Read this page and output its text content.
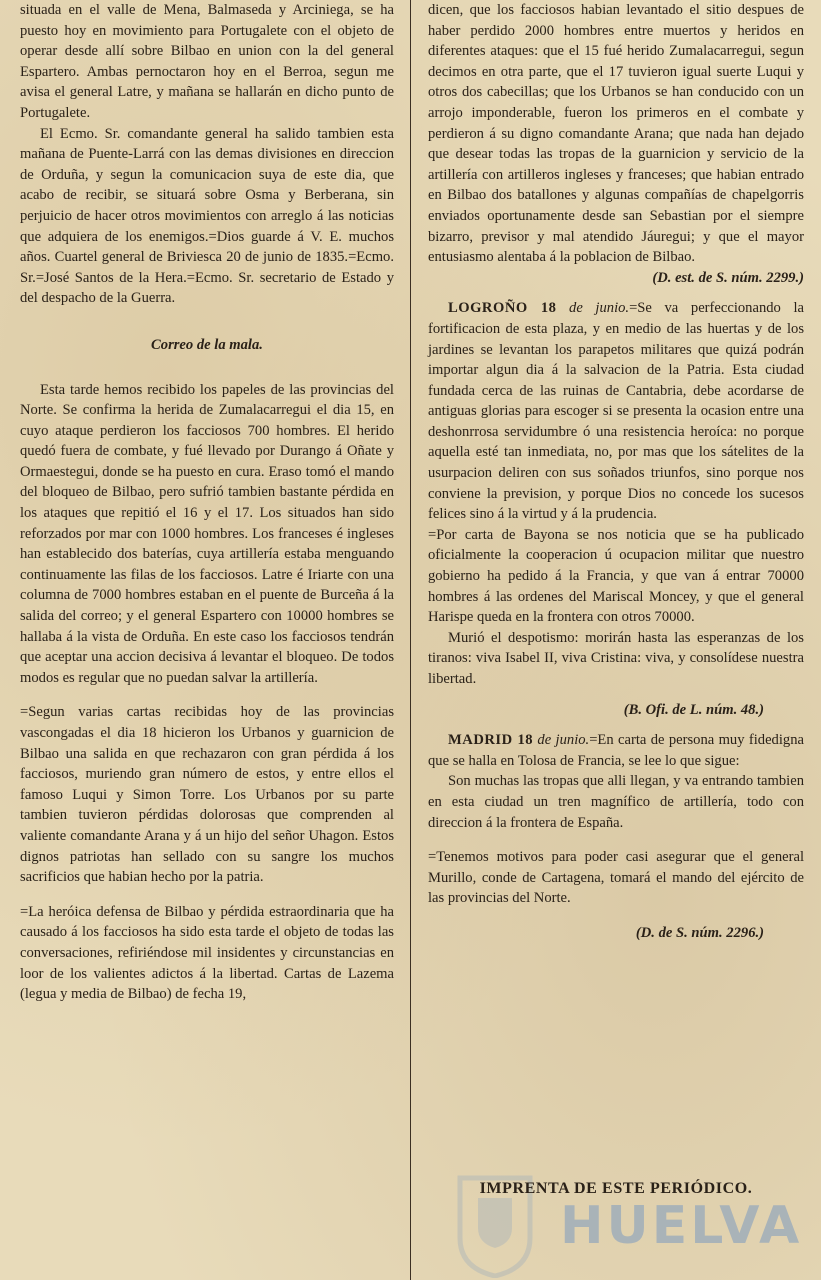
situada en el valle de Mena, Balmaseda y Arciniega, se ha puesto hoy en movimiento para Portugalete con el objeto de operar desde allí sobre Bilbao en union con la del general Espartero. Ambas pernoctaron hoy en el Berroa, segun me avisa el general Latre, y mañana se hallarán en dicho punto de Portugalete.

El Ecmo. Sr. comandante general ha salido tambien esta mañana de Puente-Larrá con las demas divisiones en direccion de Orduña, y segun la comunicacion suya de este dia, que acabo de recibir, se situará sobre Osma y Berberana, sin perjuicio de hacer otros movimientos con arreglo á las noticias que adquiera de los enemigos.=Dios guarde á V. E. muchos años. Cuartel general de Briviesca 20 de junio de 1835.=Ecmo. Sr.=José Santos de la Hera.=Ecmo. Sr. secretario de Estado y del despacho de la Guerra.

Correo de la mala.

Esta tarde hemos recibido los papeles de las provincias del Norte. Se confirma la herida de Zumalacarregui el dia 15, en cuyo ataque perdieron los facciosos 700 hombres. El herido quedó fuera de combate, y fué llevado por Durango á Oñate y Ormaestegui, donde se ha puesto en cura. Eraso tomó el mando del bloqueo de Bilbao, pero sufrió tambien bastante pérdida en los ataques que repitió el 16 y el 17. Los situados han sido reforzados por mar con 1000 hombres. Los franceses é ingleses han establecido dos baterías, cuya artillería estaba menguando continuamente las filas de los facciosos. Latre é Iriarte con una columna de 7000 hombres estaban en el puente de Burceña á la salida del correo; y el general Espartero con 10000 hombres se hallaba á la vista de Orduña. En este caso los facciosos tendrán que aceptar una accion decisiva á levantar el bloqueo. De todos modos es regular que no puedan salvar la artillería.

=Segun varias cartas recibidas hoy de las provincias vascongadas el dia 18 hicieron los Urbanos y guarnicion de Bilbao una salida en que rechazaron con gran pérdida á los facciosos, muriendo gran número de estos, y entre ellos el famoso Luqui y Simon Torre. Los Urbanos por su parte tambien tuvieron pérdidas dolorosas que comprenden al valiente comandante Arana y á un hijo del señor Uhagon. Estos dignos patriotas han sellado con su sangre los muchos sacrificios que habian hecho por la patria.

=La heróica defensa de Bilbao y pérdida estraordinaria que ha causado á los facciosos ha sido esta tarde el objeto de todas las conversaciones, refiriéndose mil insidentes y circunstancias en loor de los valientes adictos á la libertad. Cartas de Lazema (legua y media de Bilbao) de fecha 19,

dicen, que los facciosos habian levantado el sitio despues de haber perdido 2000 hombres entre muertos y heridos en diferentes ataques: que el 15 fué herido Zumalacarregui, segun decimos en otra parte, que el 17 tuvieron igual suerte Luqui y otros dos cabecillas; que los Urbanos se han conducido con un arrojo imponderable, fueron los primeros en el combate y perdieron á su digno comandante Arana; que nada han dejado que desear todas las tropas de la guarnicion y servicio de la artillería con artilleros ingleses y franceses; que habian entrado en Bilbao dos batallones y algunas compañías de chapelgorris enviados oportunamente desde san Sebastian por el siempre bizarro, previsor y mal atendido Jáuregui; y que el mayor entusiasmo alentaba á la poblacion de Bilbao.

(D. est. de S. núm. 2299.)

LOGROÑO 18 de junio.=Se va perfeccionando la fortificacion de esta plaza, y en medio de las huertas y de los jardines se levantan los parapetos militares que quizá podrán importar algun dia á la salvacion de la Patria. Esta ciudad fundada cerca de las ruinas de Cantabria, debe acordarse de antiguas glorias para escoger si se presenta la ocasion entre una deshonrrosa servidumbre ó una resistencia heroíca: no porque aquella esté tan inmediata, no, por mas que los sátelites de la usurpacion deliren con sus soñados triunfos, sino porque nos conviene la prevision, y porque Dios no concede los sucesos felices sino á la virtud y á la prudencia.

=Por carta de Bayona se nos noticia que se ha publicado oficialmente la cooperacion ú ocupacion militar que nuestro gobierno ha pedido á la Francia, y que van á entrar 70000 hombres á las ordenes del Mariscal Moncey, y que el general Harispe queda en la frontera con otros 70000.

Murió el despotismo: morirán hasta las esperanzas de los tiranos: viva Isabel II, viva Cristina: viva, y consolídese nuestra libertad.

(B. Ofi. de L. núm. 48.)

MADRID 18 de junio.=En carta de persona muy fidedigna que se halla en Tolosa de Francia, se lee lo que sigue:

Son muchas las tropas que alli llegan, y va entrando tambien en esta ciudad un tren magnífico de artillería, todo con direccion á la frontera de España.

=Tenemos motivos para poder casi asegurar que el general Murillo, conde de Cartagena, tomará el mando del ejército de las provincias del Norte.

(D. de S. núm. 2296.)

HUELVA
IMPRENTA DE ESTE PERIÓDICO.
